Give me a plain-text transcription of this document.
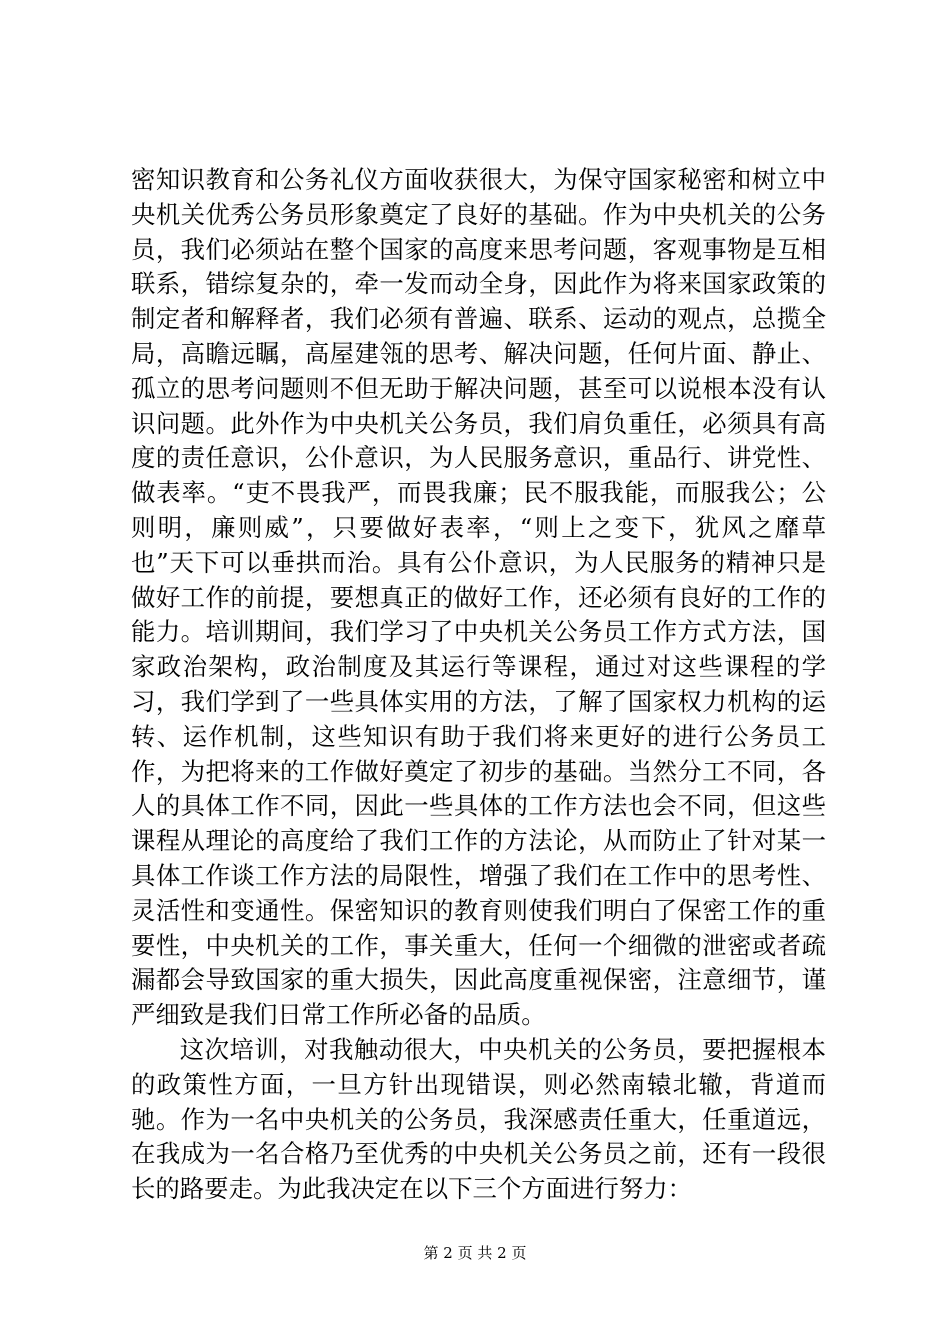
密知识教育和公务礼仪方面收获很大，为保守国家秘密和树立中央机关优秀公务员形象奠定了良好的基础。作为中央机关的公务员，我们必须站在整个国家的高度来思考问题，客观事物是互相联系，错综复杂的，牵一发而动全身，因此作为将来国家政策的制定者和解释者，我们必须有普遍、联系、运动的观点，总揽全局，高瞻远瞩，高屋建瓴的思考、解决问题，任何片面、静止、孤立的思考问题则不但无助于解决问题，甚至可以说根本没有认识问题。此外作为中央机关公务员，我们肩负重任，必须具有高度的责任意识，公仆意识，为人民服务意识，重品行、讲党性、做表率。“吏不畏我严，而畏我廉；民不服我能，而服我公；公则明，廉则威”，只要做好表率，“则上之变下，犹风之靡草也”天下可以垂拱而治。具有公仆意识，为人民服务的精神只是做好工作的前提，要想真正的做好工作，还必须有良好的工作的能力。培训期间，我们学习了中央机关公务员工作方式方法，国家政治架构，政治制度及其运行等课程，通过对这些课程的学习，我们学到了一些具体实用的方法，了解了国家权力机构的运转、运作机制，这些知识有助于我们将来更好的进行公务员工作，为把将来的工作做好奠定了初步的基础。当然分工不同，各人的具体工作不同，因此一些具体的工作方法也会不同，但这些课程从理论的高度给了我们工作的方法论，从而防止了针对某一具体工作谈工作方法的局限性，增强了我们在工作中的思考性、灵活性和变通性。保密知识的教育则使我们明白了保密工作的重要性，中央机关的工作，事关重大，任何一个细微的泄密或者疏漏都会导致国家的重大损失，因此高度重视保密，注意细节，谨严细致是我们日常工作所必备的品质。

这次培训，对我触动很大，中央机关的公务员，要把握根本的政策性方面，一旦方针出现错误，则必然南辕北辙，背道而驰。作为一名中央机关的公务员，我深感责任重大，任重道远，在我成为一名合格乃至优秀的中央机关公务员之前，还有一段很长的路要走。为此我决定在以下三个方面进行努力：

第 2 页 共 2 页
